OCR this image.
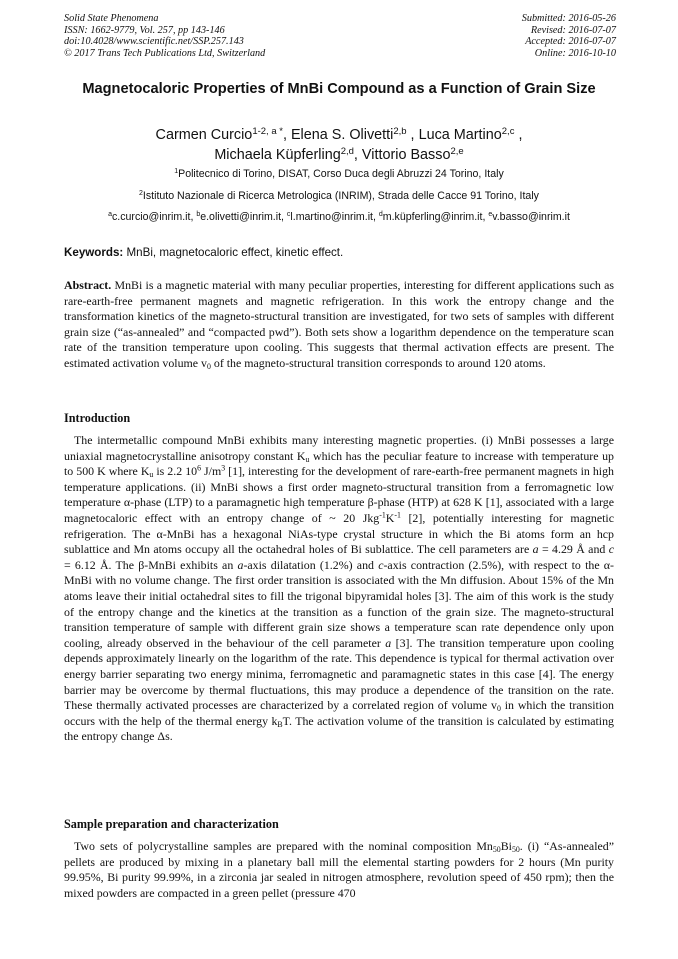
Solid State Phenomena
ISSN: 1662-9779, Vol. 257, pp 143-146
doi:10.4028/www.scientific.net/SSP.257.143
© 2017 Trans Tech Publications Ltd, Switzerland
Submitted: 2016-05-26
Revised: 2016-07-07
Accepted: 2016-07-07
Online: 2016-10-10
Magnetocaloric Properties of MnBi Compound as a Function of Grain Size
Carmen Curcio$^{1-2, a *}$, Elena S. Olivetti$^{2,b}$ , Luca Martino$^{2,c}$ ,
Michaela Küpferling$^{2,d}$, Vittorio Basso$^{2,e}$
$^1$Politecnico di Torino, DISAT, Corso Duca degli Abruzzi 24 Torino, Italy
$^2$Istituto Nazionale di Ricerca Metrologica (INRIM), Strada delle Cacce 91 Torino, Italy
$^a$c.curcio@inrim.it, $^b$e.olivetti@inrim.it, $^c$l.martino@inrim.it, $^d$m.küpferling@inrim.it, $^e$v.basso@inrim.it
Keywords: MnBi, magnetocaloric effect, kinetic effect.

Abstract. MnBi is a magnetic material with many peculiar properties, interesting for different applications such as rare-earth-free permanent magnets and magnetic refrigeration. In this work the entropy change and the transformation kinetics of the magneto-structural transition are investigated, for two sets of samples with different grain size (“as-annealed” and “compacted pwd”). Both sets show a logarithm dependence on the temperature scan rate of the transition temperature upon cooling. This suggests that thermal activation effects are present. The estimated activation volume $v_0$ of the magneto-structural transition corresponds to around 120 atoms.

Introduction

The intermetallic compound MnBi exhibits many interesting magnetic properties. (i) MnBi possesses a large uniaxial magnetocrystalline anisotropy constant $K_u$ which has the peculiar feature to increase with temperature up to 500 K where $K_u$ is 2.2 $10^6$ $J/m^3$ [1], interesting for the development of rare-earth-free permanent magnets in high temperature applications. (ii) MnBi shows a first order magneto-structural transition from a ferromagnetic low temperature α-phase (LTP) to a paramagnetic high temperature β-phase (HTP) at 628 K [1], associated with a large magnetocaloric effect with an entropy change of ~ 20 $Jkg^{-1}K^{-1}$ [2], potentially interesting for magnetic refrigeration. The α-MnBi has a hexagonal NiAs-type crystal structure in which the Bi atoms form an hcp sublattice and Mn atoms occupy all the octahedral holes of Bi sublattice. The cell parameters are a = 4.29 Å and c = 6.12 Å. The β-MnBi exhibits an a-axis dilatation (1.2%) and c-axis contraction (2.5%), with respect to the α-MnBi with no volume change. The first order transition is associated with the Mn diffusion. About 15% of the Mn atoms leave their initial octahedral sites to fill the trigonal bipyramidal holes [3]. The aim of this work is the study of the entropy change and the kinetics at the transition as a function of the grain size. The magneto-structural transition temperature of sample with different grain size shows a temperature scan rate dependence only upon cooling, already observed in the behaviour of the cell parameter a [3]. The transition temperature upon cooling depends approximately linearly on the logarithm of the rate. This dependence is typical for thermal activation over energy barrier separating two energy minima, ferromagnetic and paramagnetic states in this case [4]. The energy barrier may be overcome by thermal fluctuations, this may produce a dependence of the transition on the rate. These thermally activated processes are characterized by a correlated region of volume $v_0$ in which the transition occurs with the help of the thermal energy $k_BT$. The activation volume of the transition is calculated by estimating the entropy change Δs.

Sample preparation and characterization

Two sets of polycrystalline samples are prepared with the nominal composition $Mn_{50}Bi_{50}$. (i) “As-annealed” pellets are produced by mixing in a planetary ball mill the elemental starting powders for 2 hours (Mn purity 99.95%, Bi purity 99.99%, in a zirconia jar sealed in nitrogen atmosphere, revolution speed of 450 rpm); then the mixed powders are compacted in a green pellet (pressure 470
